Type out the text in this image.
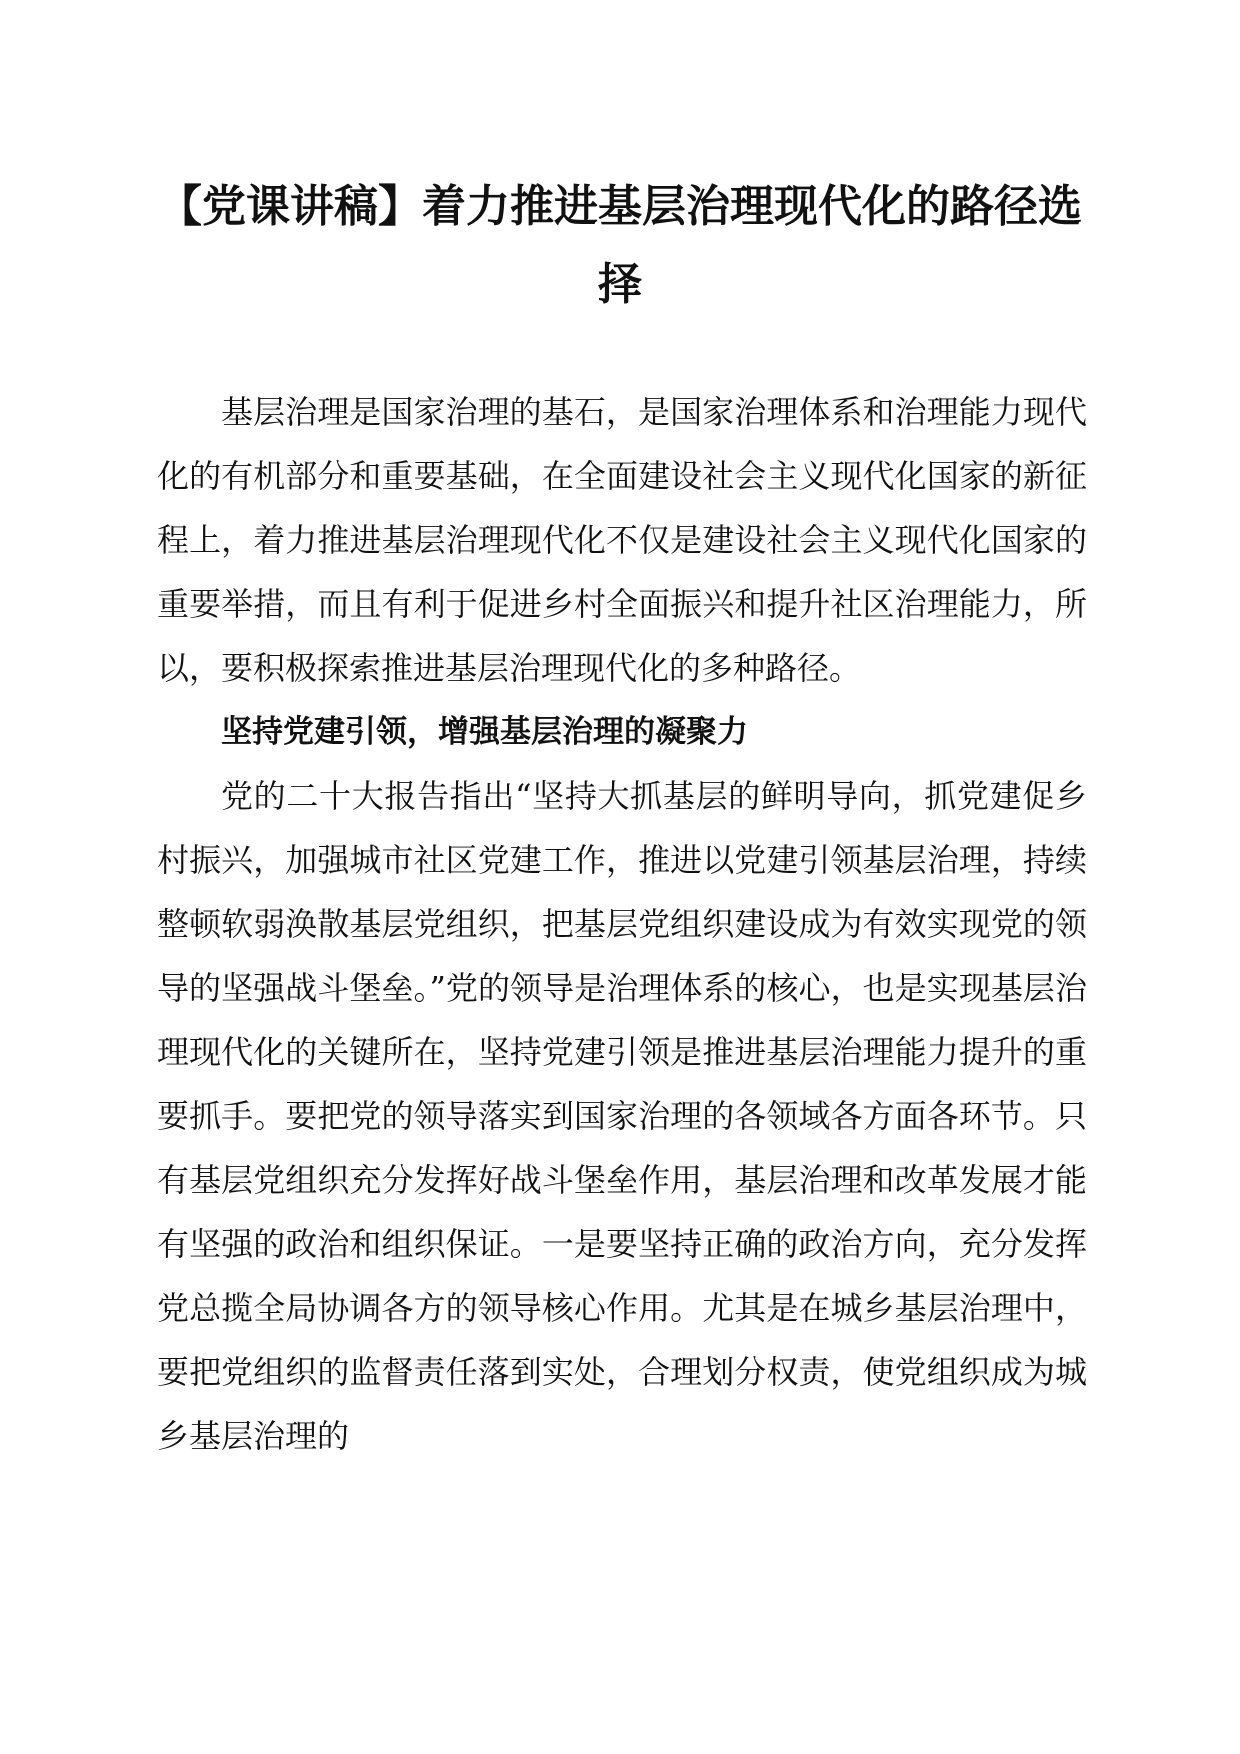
【党课讲稿】着力推进基层治理现代化的路径选择

基层治理是国家治理的基石，是国家治理体系和治理能力现代化的有机部分和重要基础，在全面建设社会主义现代化国家的新征程上，着力推进基层治理现代化不仅是建设社会主义现代化国家的重要举措，而且有利于促进乡村全面振兴和提升社区治理能力，所以，要积极探索推进基层治理现代化的多种路径。

坚持党建引领，增强基层治理的凝聚力

党的二十大报告指出“坚持大抓基层的鲜明导向，抓党建促乡村振兴，加强城市社区党建工作，推进以党建引领基层治理，持续整顿软弱涣散基层党组织，把基层党组织建设成为有效实现党的领导的坚强战斗堡垒。”党的领导是治理体系的核心，也是实现基层治理现代化的关键所在，坚持党建引领是推进基层治理能力提升的重要抓手。要把党的领导落实到国家治理的各领域各方面各环节。只有基层党组织充分发挥好战斗堡垒作用，基层治理和改革发展才能有坚强的政治和组织保证。一是要坚持正确的政治方向，充分发挥党总揽全局协调各方的领导核心作用。尤其是在城乡基层治理中，要把党组织的监督责任落到实处，合理划分权责，使党组织成为城乡基层治理的
